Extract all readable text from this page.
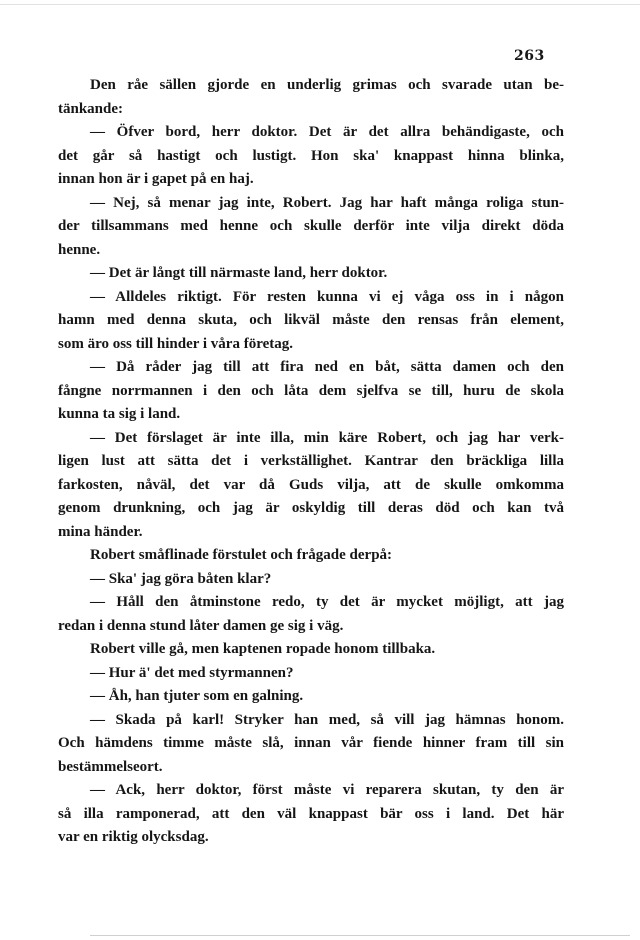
263
Den råe sällen gjorde en underlig grimas och svarade utan be-
tänkande:
— Öfver bord, herr doktor. Det är det allra behändigaste, och
det går så hastigt och lustigt. Hon ska' knappast hinna blinka,
innan hon är i gapet på en haj.
— Nej, så menar jag inte, Robert. Jag har haft många roliga stun-
der tillsammans med henne och skulle derför inte vilja direkt döda
henne.
— Det är långt till närmaste land, herr doktor.
— Alldeles riktigt. För resten kunna vi ej våga oss in i någon
hamn med denna skuta, och likväl måste den rensas från element,
som äro oss till hinder i våra företag.
— Då råder jag till att fira ned en båt, sätta damen och den
fångne norrmannen i den och låta dem sjelfva se till, huru de skola
kunna ta sig i land.
— Det förslaget är inte illa, min käre Robert, och jag har verk-
ligen lust att sätta det i verkställighet. Kantrar den bräckliga lilla
farkosten, nåväl, det var då Guds vilja, att de skulle omkomma
genom drunkning, och jag är oskyldig till deras död och kan två
mina händer.
Robert småflinade förstulet och frågade derpå:
— Ska' jag göra båten klar?
— Håll den åtminstone redo, ty det är mycket möjligt, att jag
redan i denna stund låter damen ge sig i väg.
Robert ville gå, men kaptenen ropade honom tillbaka.
— Hur ä' det med styrmannen?
— Åh, han tjuter som en galning.
— Skada på karl! Stryker han med, så vill jag hämnas honom.
Och hämdens timme måste slå, innan vår fiende hinner fram till sin
bestämmelseort.
— Ack, herr doktor, först måste vi reparera skutan, ty den är
så illa ramponerad, att den väl knappast bär oss i land. Det här
var en riktig olycksdag.
